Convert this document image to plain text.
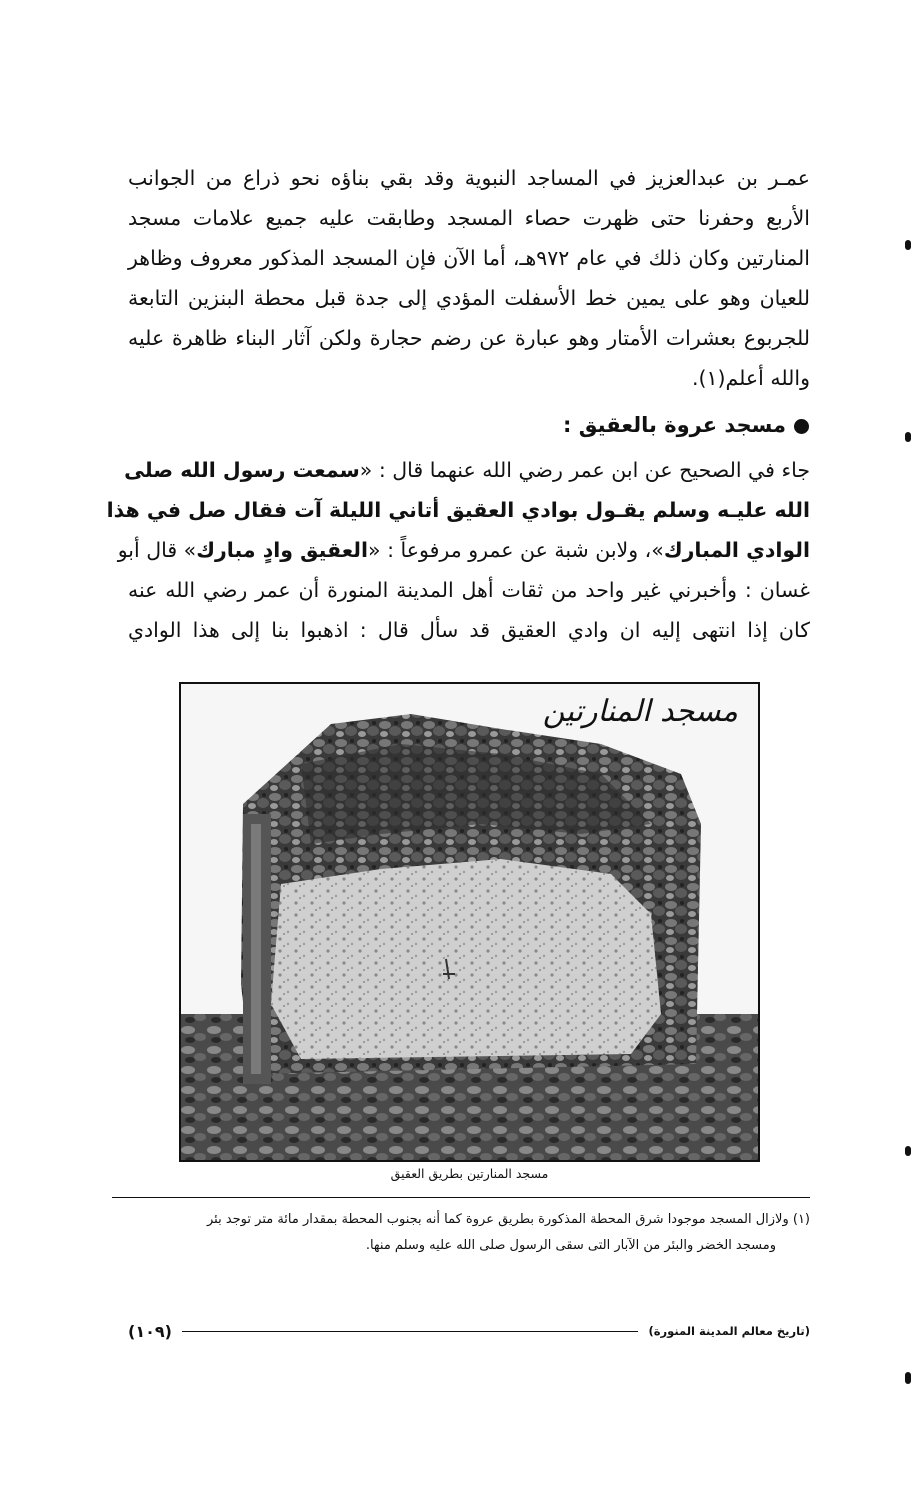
عمـر بن عبدالعزيز في المساجد النبوية وقد بقي بناؤه نحو ذراع من الجوانب
الأربع وحفرنا حتى ظهرت حصاء المسجد وطابقت عليه جميع علامات مسجد
المنارتين وكان ذلك في عام ٩٧٢هـ، أما الآن فإن المسجد المذكور معروف وظاهر
للعيان وهو على يمين خط الأسفلت المؤدي إلى جدة قبل محطة البنزين التابعة
للجربوع بعشرات الأمتار وهو عبارة عن رضم حجارة ولكن آثار البناء ظاهرة عليه
والله أعلم(١).
مسجد عروة بالعقيق :
جاء في الصحيح عن ابن عمر رضي الله عنهما قال : «سمعت رسول الله صلى
الله عليـه وسلم يقـول بوادي العقيق أتاني الليلة آت فقال صل في هذا
الوادي المبارك»، ولابن شبة عن عمرو مرفوعاً : «العقيق وادٍ مبارك» قال أبو
غسان : وأخبرني غير واحد من ثقات أهل المدينة المنورة أن عمر رضي الله عنه
كان إذا انتهى إليه ان وادي العقيق قد سأل قال : اذهبوا بنا إلى هذا الوادي
مسجد المنارتين
مسجد المنارتين بطريق العقيق
(١) ولازال المسجد موجودا شرق المحطة المذكورة بطريق عروة كما أنه بجنوب المحطة بمقدار مائة متر توجد بئر
ومسجد الخضر والبئر من الآبار التى سقى الرسول صلى الله عليه وسلم منها.
(تاريخ معالم المدينة المنورة)
(١٠٩)
